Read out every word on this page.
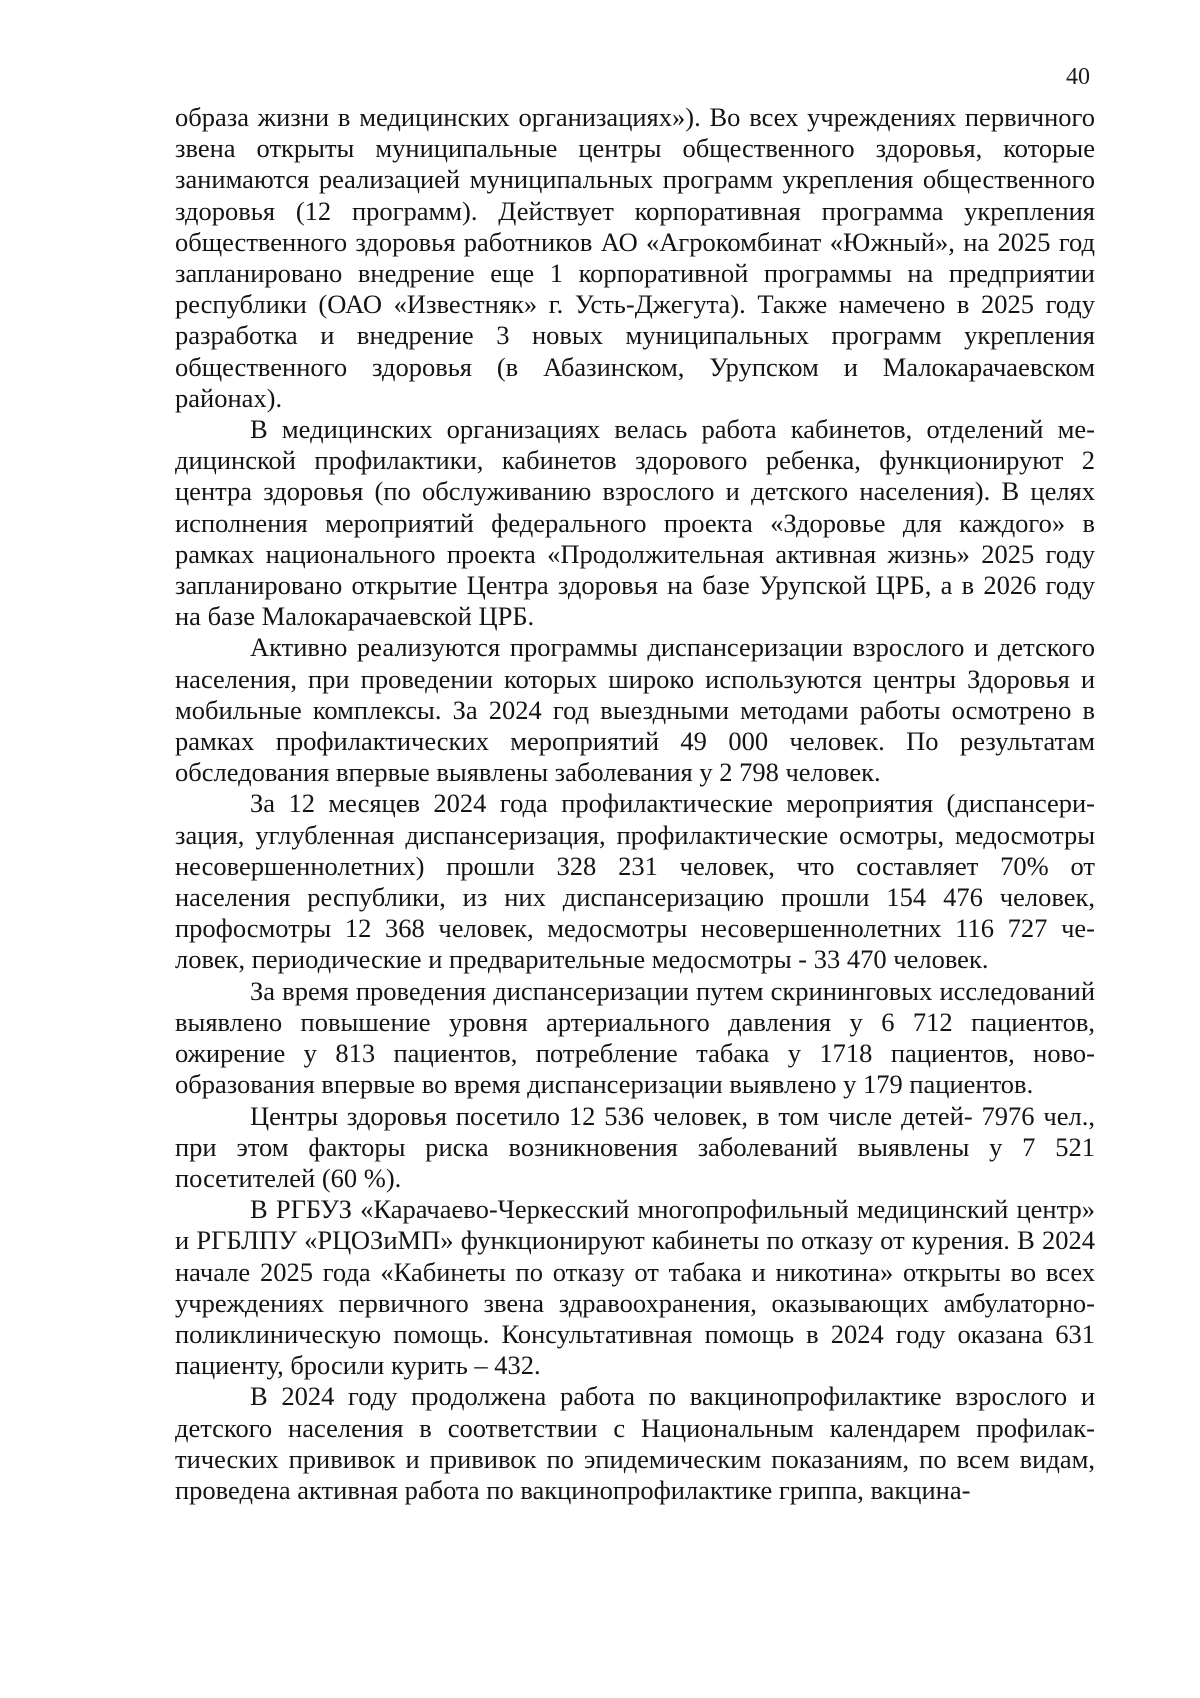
40

образа жизни в медицинских организациях»). Во всех учреждениях первичного звена открыты муниципальные центры общественного здоровья, которые занимаются реализацией муниципальных программ укрепления общественного здоровья (12 программ). Действует корпоративная программа укрепления общественного здоровья работников АО «Агрокомбинат «Южный», на 2025 год запланировано внедрение еще 1 корпоративной программы на предприятии республики (ОАО «Известняк» г. Усть-Джегута). Также намечено в 2025 году разработка и внедрение 3 новых муниципальных программ укрепления общественного здоровья (в Абазинском, Урупском и Малокарачаевском районах).

В медицинских организациях велась работа кабинетов, отделений медицинской профилактики, кабинетов здорового ребенка, функционируют 2 центра здоровья (по обслуживанию взрослого и детского населения). В целях исполнения мероприятий федерального проекта «Здоровье для каждого» в рамках национального проекта «Продолжительная активная жизнь» 2025 году запланировано открытие Центра здоровья на базе Урупской ЦРБ, а в 2026 году на базе Малокарачаевской ЦРБ.

Активно реализуются программы диспансеризации взрослого и детского населения, при проведении которых широко используются центры Здоровья и мобильные комплексы. За 2024 год выездными методами работы осмотрено в рамках профилактических мероприятий 49 000 человек. По результатам обследования впервые выявлены заболевания у 2 798 человек.

За 12 месяцев 2024 года профилактические мероприятия (диспансеризация, углубленная диспансеризация, профилактические осмотры, медосмотры несовершеннолетних) прошли 328 231 человек, что составляет 70% от населения республики, из них диспансеризацию прошли 154 476 человек, профосмотры 12 368 человек, медосмотры несовершеннолетних 116 727 человек, периодические и предварительные медосмотры - 33 470 человек.

За время проведения диспансеризации путем скрининговых исследований выявлено повышение уровня артериального давления у 6 712 пациентов, ожирение у 813 пациентов, потребление табака у 1718 пациентов, новообразования впервые во время диспансеризации выявлено у 179 пациентов.

Центры здоровья посетило 12 536 человек, в том числе детей- 7976 чел., при этом факторы риска возникновения заболеваний выявлены у 7 521 посетителей (60 %).

В РГБУЗ «Карачаево-Черкесский многопрофильный медицинский центр» и РГБЛПУ «РЦОЗиМП» функционируют кабинеты по отказу от курения. В 2024 начале 2025 года «Кабинеты по отказу от табака и никотина» открыты во всех учреждениях первичного звена здравоохранения, оказывающих амбулаторно-поликлиническую помощь. Консультативная помощь в 2024 году оказана 631 пациенту, бросили курить – 432.

В 2024 году продолжена работа по вакцинопрофилактике взрослого и детского населения в соответствии с Национальным календарем профилактических прививок и прививок по эпидемическим показаниям, по всем видам, проведена активная работа по вакцинопрофилактике гриппа, вакцина-
